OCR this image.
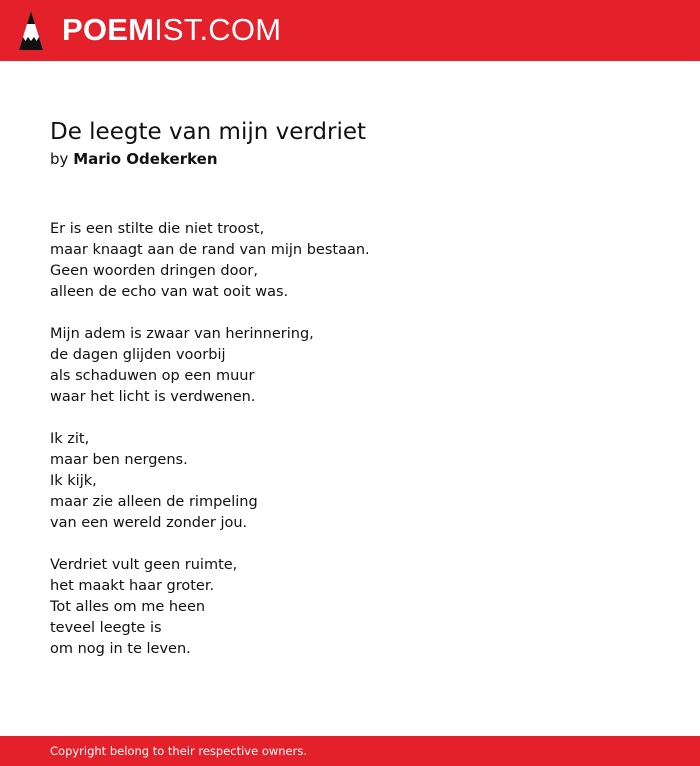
POEMIST.COM
De leegte van mijn verdriet
by Mario Odekerken
Er is een stilte die niet troost,
maar knaagt aan de rand van mijn bestaan.
Geen woorden dringen door,
alleen de echo van wat ooit was.
Mijn adem is zwaar van herinnering,
de dagen glijden voorbij
als schaduwen op een muur
waar het licht is verdwenen.
Ik zit,
maar ben nergens.
Ik kijk,
maar zie alleen de rimpeling
van een wereld zonder jou.
Verdriet vult geen ruimte,
het maakt haar groter.
Tot alles om me heen
teveel leegte is
om nog in te leven.
Copyright belong to their respective owners.
